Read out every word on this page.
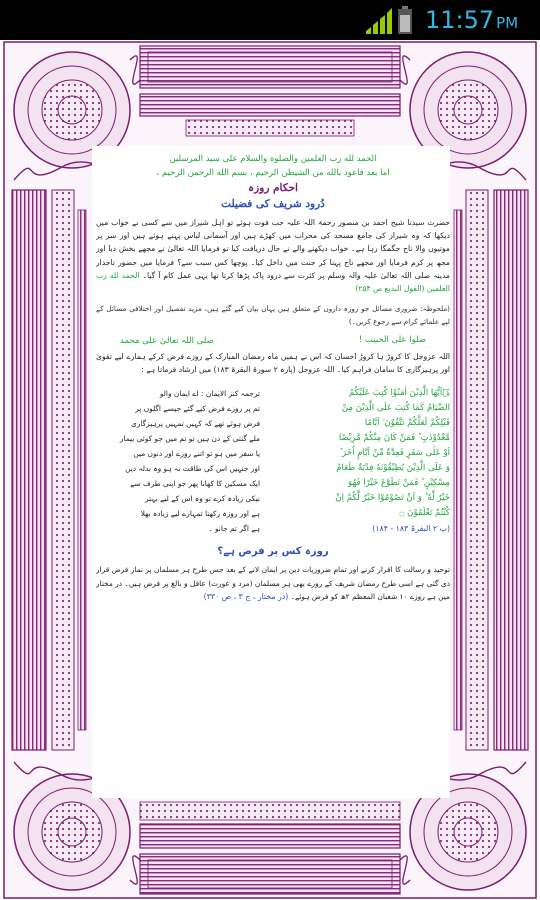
11:57 PM
الحمد لله رب العلمين والصلوة والسلام علی سید المرسلین
اما بعد فاعوذ بالله من الشیطن الرجیم ، بسم الله الرحمن الرحیم ،
احکام روزہ
دُرود شریف کی فضیلت
حضرت سیدنا شیخ احمد بن منصور رحمۃ اللہ علیہ جب فوت ہوئے تو اہل شیراز میں سے کسی نے خواب میں دیکھا کہ وہ شیراز کی جامع مسجد کی محراب میں کھڑے ہیں اور آسمانی لباس پہنے ہوئے ہیں اور سر پر موتیوں والا تاج جگمگا رہا ہے۔ خواب دیکھنے والے نے حال دریافت کیا تو فرمایا اللہ تعالیٰ نے مجھے بخش دیا اور مجھ پر کرم فرمایا اور مجھے تاج پہنا کر جنت میں داخل کیا۔ پوچھا کس سبب سے؟ فرمایا میں حضور تاجدار مدینہ صلی اللہ تعالیٰ علیہ والہ وسلم پر کثرت سے درود پاک پڑھا کرتا تھا یہی عمل کام آ گیا۔ الحمد لله رب العلمین (القول البدیع ص ۲۵۴)
(ملحوظہ: ضروری مسائل جو روزہ داروں کے متعلق ہیں یہاں بیان کیے گئے ہیں، مزید تفصیل اور اختلافی مسائل کے لیے علمائے کرام سے رجوع کریں۔)
صلوا علی الحبیب !
صلی اللہ تعالیٰ علی محمد
اللہ عزوجل کا کروڑ ہا کروڑ احسان کہ اس نے ہمیں ماہ رمضان المبارک کے روزے فرض کرکے ہمارے لیے تقویٰ اور پرہیزگاری کا سامان فراہم کیا۔ اللہ عزوجل (پارہ ۲ سورۃ البقرۃ ۱۸۳) میں ارشاد فرماتا ہے :
یٰۤاَیُّهَا الَّذِیْنَ اٰمَنُوْا كُتِبَ عَلَیْكُمُ
الصِّیَامُ كَمَا كُتِبَ عَلَى الَّذِیْنَ مِنْ
قَبْلِكُمْ لَعَلَّكُمْ تَتَّقُوْنَ ۙ اَیَّامًا
مَّعْدُوْدٰتٍ ؕ فَمَنْ كَانَ مِنْكُمْ مَّرِیْضًا
اَوْ عَلٰى سَفَرٍ فَعِدَّةٌ مِّنْ اَیَّامٍ اُخَرَ ؕ
وَ عَلَى الَّذِیْنَ یُطِیْقُوْنَهٗ فِدْیَةٌ طَعَامُ
مِسْكِیْنٍ ؕ فَمَنْ تَطَوَّعَ خَیْرًا فَهُوَ
خَیْرٌ لَّهٗ ؕ وَ اَنْ تَصُوْمُوْا خَیْرٌ لَّكُمْ اِنْ
كُنْتُمْ تَعْلَمُوْنَ ۝
(پ ۲ البقرۃ ۱۸۳ - ۱۸۴)
ترجمہ کنز الایمان : اے ایمان والو
تم پر روزے فرض کیے گئے جیسے اگلوں پر
فرض ہوئے تھے کہ کہیں تمہیں پرہیزگاری
ملے گنتی کے دن ہیں تو تم میں جو کوئی بیمار
یا سفر میں ہو تو اتنے روزے اور دنوں میں
اور جنہیں اس کی طاقت نہ ہو وہ بدلہ دیں
ایک مسکین کا کھانا پھر جو اپنی طرف سے
نیکی زیادہ کرے تو وہ اس کے لیے بہتر
ہے اور روزہ رکھنا تمہارے لیے زیادہ بھلا
ہے اگر تم جانو ۔
روزہ کس پر فرض ہے؟
توحید و رسالت کا اقرار کرنے اور تمام ضروریات دین پر ایمان لانے کے بعد جس طرح ہر مسلمان پر نماز فرض قرار دی گئی ہے اسی طرح رمضان شریف کے روزے بھی ہر مسلمان (مرد و عورت) عاقل و بالغ پر فرض ہیں۔ در مختار میں ہے روزے ۱۰ شعبان المعظم ۲ھ کو فرض ہوئے۔ (در مختار ، ج ۳ ، ص ۳۳۰)
